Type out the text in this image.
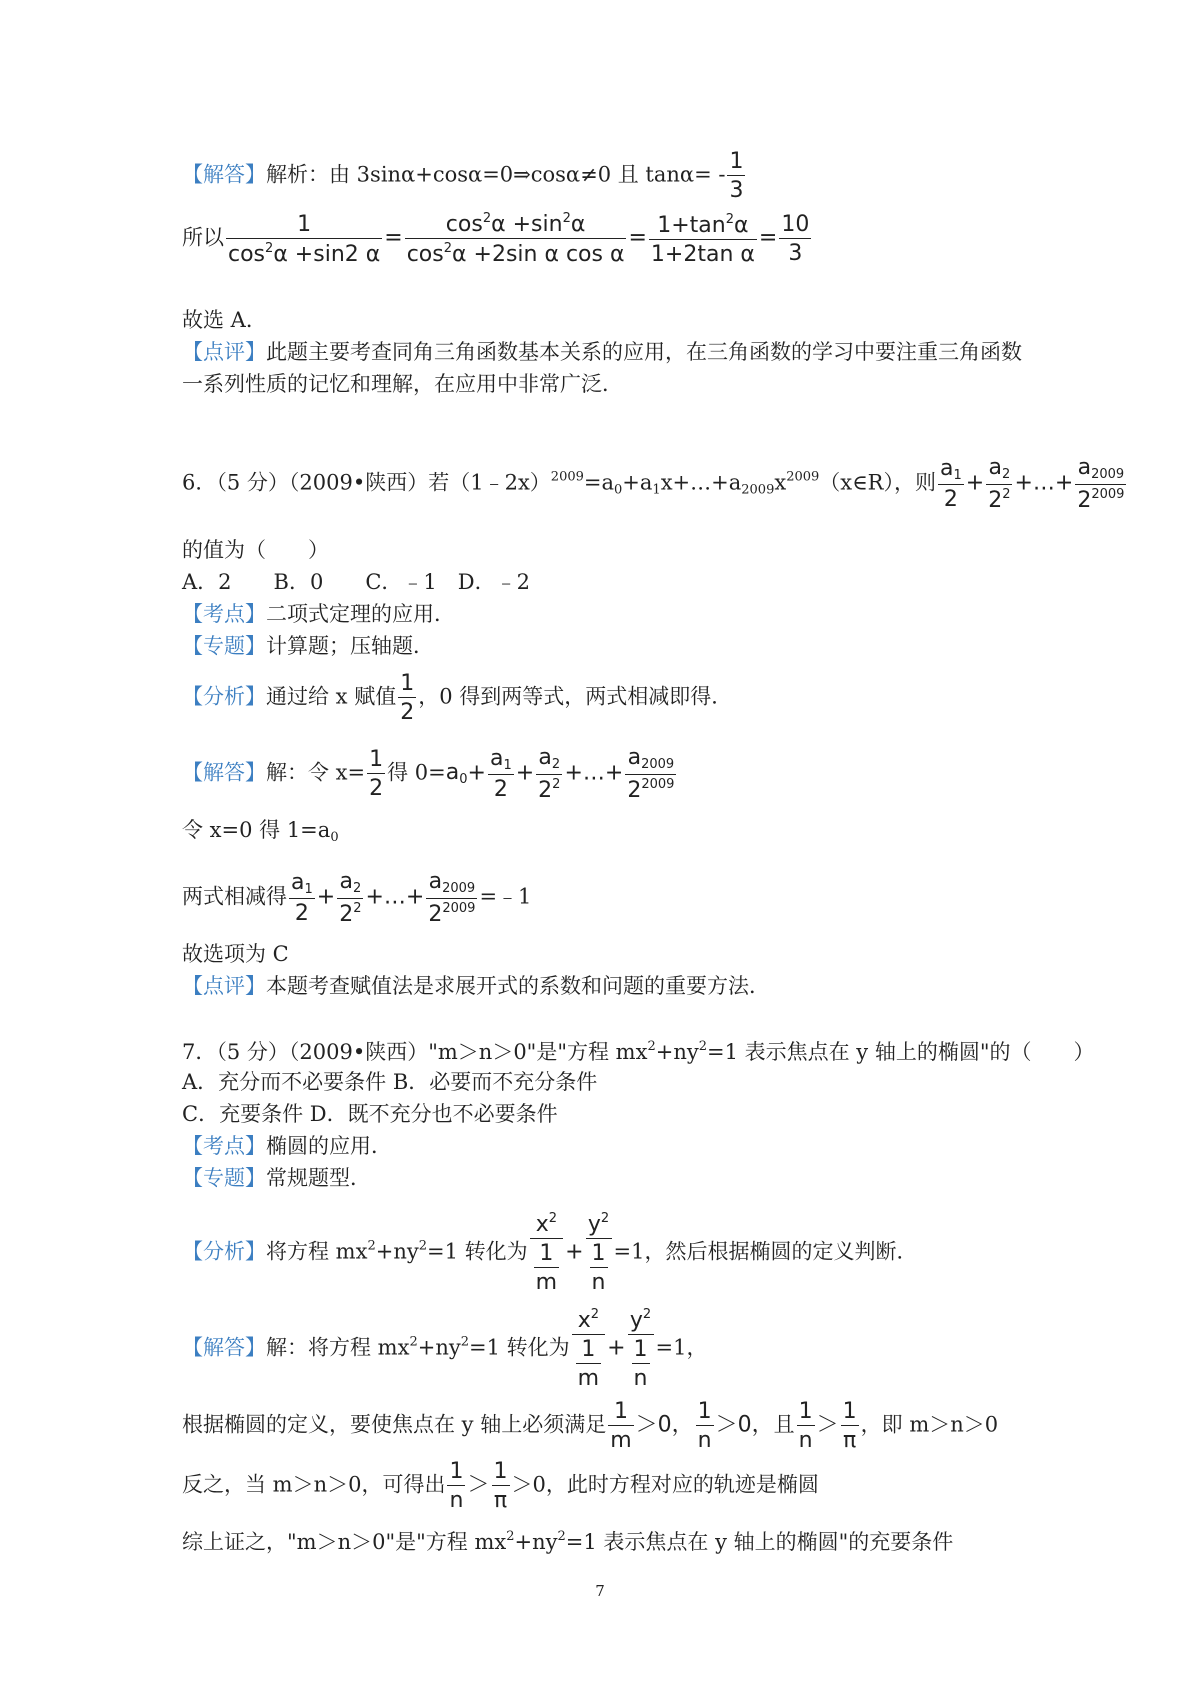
【解答】解析：由 3sinα+cosα=0⇒cosα≠0 且 $\tan\alpha= - \frac{1}{3}$
所以 $\frac{1}{\cos^2\alpha +\sin 2 \alpha} = \frac{\cos^2\alpha +\sin^2\alpha}{\cos^2\alpha +2\sin \alpha \cos \alpha} = \frac{1+\tan^2\alpha}{\text{1+2tan α}} = \frac{10}{3}$
故选 A．
【点评】此题主要考查同角三角函数基本关系的应用，在三角函数的学习中要注重三角函数
一系列性质的记忆和理解，在应用中非常广泛．
6．（5 分）（2009•陕西）若$(1﹣2x)^{2009}=a_0+a_1x+\dots+a_{2009}x^{2009}(x\in R)$，则 $\frac{a_1}{2} + \frac{a_2}{2^2}$ +…+ $\frac{a_{2009}}{2^{2009}}$
的值为（　　）
A．2　　B．0　　C．﹣1　D．﹣2
【考点】二项式定理的应用．
【专题】计算题；压轴题．
【分析】通过给 x 赋值 $\frac{1}{2}$ ，0 得到两等式，两式相减即得．
【解答】解：令 $x= \frac{1}{2}$ 得 $0=a_0+ \frac{a_1}{2} + \frac{a_2}{2^2}$ +…+ $\frac{a_{2009}}{2^{2009}}$
令 x=0 得 $1=a_0$
两式相减得 $\frac{a_1}{2} + \frac{a_2}{2^2}$ +…+ $\frac{a_{2009}}{2^{2009}}$ =﹣1
故选项为 C
【点评】本题考查赋值法是求展开式的系数和问题的重要方法．
7．（5 分）（2009•陕西）"m＞n＞0"是"方程 $mx^2+ny^2=1$ 表示焦点在 y 轴上的椭圆"的（　　）
A．充分而不必要条件 B．必要而不充分条件
C．充要条件 D．既不充分也不必要条件
【考点】椭圆的应用．
【专题】常规题型．
【分析】将方程 $mx^2+ny^2=1$ 转化为 $\frac{x^2}{\frac{1}{m}} + \frac{y^2}{\frac{1}{n}} =1$，然后根据椭圆的定义判断．
【解答】解：将方程 $mx^2+ny^2=1$ 转化为 $\frac{x^2}{\frac{1}{m}} + \frac{y^2}{\frac{1}{n}} =1$，
根据椭圆的定义，要使焦点在 y 轴上必须满足 $\frac{1}{m} >0$， $\frac{1}{n} >0$，且 $\frac{1}{n} > \frac{1}{\pi}$ ，即 m＞n＞0
反之，当 m＞n＞0，可得出 $\frac{1}{n} > \frac{1}{\pi} >0$，此时方程对应的轨迹是椭圆
综上证之，"m＞n＞0"是"方程 $mx^2+ny^2=1$ 表示焦点在 y 轴上的椭圆"的充要条件
7
